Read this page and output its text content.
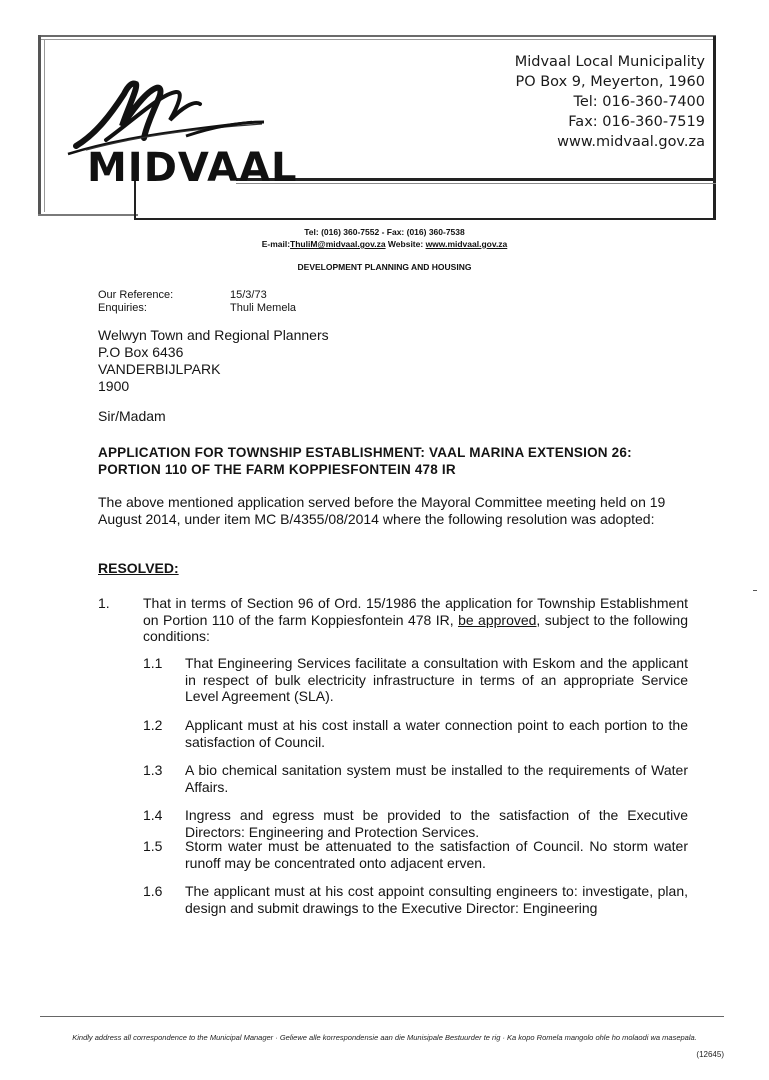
MIDVAAL
Midvaal Local Municipality
PO Box 9, Meyerton, 1960
Tel: 016-360-7400
Fax: 016-360-7519
www.midvaal.gov.za
Tel: (016) 360-7552 - Fax: (016) 360-7538
E-mail:ThuliM@midvaal.gov.za Website: www.midvaal.gov.za
DEVELOPMENT PLANNING AND HOUSING
Our Reference:	15/3/73
Enquiries:	Thuli Memela
Welwyn Town and Regional Planners
P.O Box 6436
VANDERBIJLPARK
1900
Sir/Madam
APPLICATION FOR TOWNSHIP ESTABLISHMENT: VAAL MARINA EXTENSION 26: PORTION 110 OF THE FARM KOPPIESFONTEIN 478 IR
The above mentioned application served before the Mayoral Committee meeting held on 19 August 2014, under item MC B/4355/08/2014 where the following resolution was adopted:
RESOLVED:
1. That in terms of Section 96 of Ord. 15/1986 the application for Township Establishment on Portion 110 of the farm Koppiesfontein 478 IR, be approved, subject to the following conditions:
1.1 That Engineering Services facilitate a consultation with Eskom and the applicant in respect of bulk electricity infrastructure in terms of an appropriate Service Level Agreement (SLA).
1.2 Applicant must at his cost install a water connection point to each portion to the satisfaction of Council.
1.3 A bio chemical sanitation system must be installed to the requirements of Water Affairs.
1.4 Ingress and egress must be provided to the satisfaction of the Executive Directors: Engineering and Protection Services.
1.5 Storm water must be attenuated to the satisfaction of Council. No storm water runoff may be concentrated onto adjacent erven.
1.6 The applicant must at his cost appoint consulting engineers to: investigate, plan, design and submit drawings to the Executive Director: Engineering
Kindly address all correspondence to the Municipal Manager · Geliewe alle korrespondensie aan die Munisipale Bestuurder te rig · Ka kopo Romela mangolo ohle ho molaodi wa masepala.
(12645)
